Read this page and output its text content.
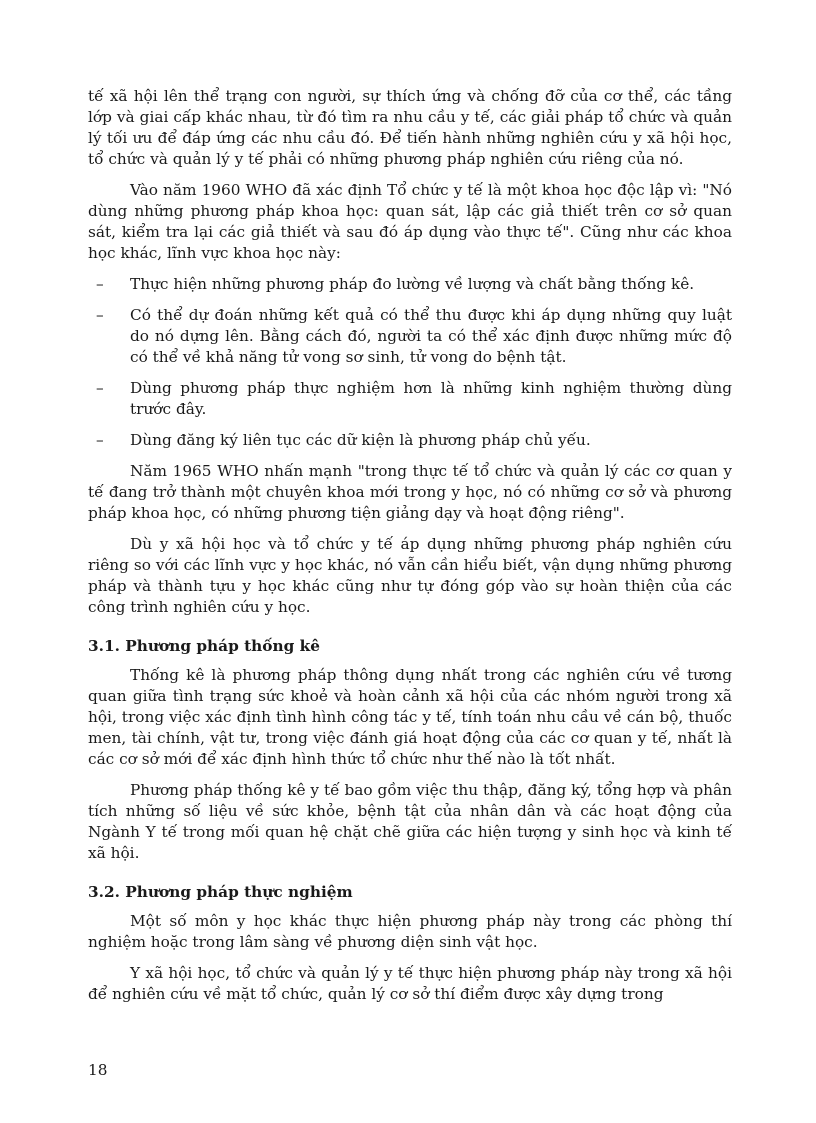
tế xã hội lên thể trạng con người, sự thích ứng và chống đỡ của cơ thể, các tầng lớp và giai cấp khác nhau, từ đó tìm ra nhu cầu y tế, các giải pháp tổ chức và quản lý tối ưu để đáp ứng các nhu cầu đó. Để tiến hành những nghiên cứu y xã hội học, tổ chức và quản lý y tế phải có những phương pháp nghiên cứu riêng của nó.

Vào năm 1960 WHO đã xác định Tổ chức y tế là một khoa học độc lập vì: "Nó dùng những phương pháp khoa học: quan sát, lập các giả thiết trên cơ sở quan sát, kiểm tra lại các giả thiết và sau đó áp dụng vào thực tế". Cũng như các khoa học khác, lĩnh vực khoa học này:

– Thực hiện những phương pháp đo lường về lượng và chất bằng thống kê.
– Có thể dự đoán những kết quả có thể thu được khi áp dụng những quy luật do nó dựng lên. Bằng cách đó, người ta có thể xác định được những mức độ có thể về khả năng tử vong sơ sinh, tử vong do bệnh tật.
– Dùng phương pháp thực nghiệm hơn là những kinh nghiệm thường dùng trước đây.
– Dùng đăng ký liên tục các dữ kiện là phương pháp chủ yếu.

Năm 1965 WHO nhấn mạnh "trong thực tế tổ chức và quản lý các cơ quan y tế đang trở thành một chuyên khoa mới trong y học, nó có những cơ sở và phương pháp khoa học, có những phương tiện giảng dạy và hoạt động riêng".

Dù y xã hội học và tổ chức y tế áp dụng những phương pháp nghiên cứu riêng so với các lĩnh vực y học khác, nó vẫn cần hiểu biết, vận dụng những phương pháp và thành tựu y học khác cũng như tự đóng góp vào sự hoàn thiện của các công trình nghiên cứu y học.

3.1. Phương pháp thống kê

Thống kê là phương pháp thông dụng nhất trong các nghiên cứu về tương quan giữa tình trạng sức khoẻ và hoàn cảnh xã hội của các nhóm người trong xã hội, trong việc xác định tình hình công tác y tế, tính toán nhu cầu về cán bộ, thuốc men, tài chính, vật tư, trong việc đánh giá hoạt động của các cơ quan y tế, nhất là các cơ sở mới để xác định hình thức tổ chức như thế nào là tốt nhất.

Phương pháp thống kê y tế bao gồm việc thu thập, đăng ký, tổng hợp và phân tích những số liệu về sức khỏe, bệnh tật của nhân dân và các hoạt động của Ngành Y tế trong mối quan hệ chặt chẽ giữa các hiện tượng y sinh học và kinh tế xã hội.

3.2. Phương pháp thực nghiệm

Một số môn y học khác thực hiện phương pháp này trong các phòng thí nghiệm hoặc trong lâm sàng về phương diện sinh vật học.

Y xã hội học, tổ chức và quản lý y tế thực hiện phương pháp này trong xã hội để nghiên cứu về mặt tổ chức, quản lý cơ sở thí điểm được xây dựng trong

18
